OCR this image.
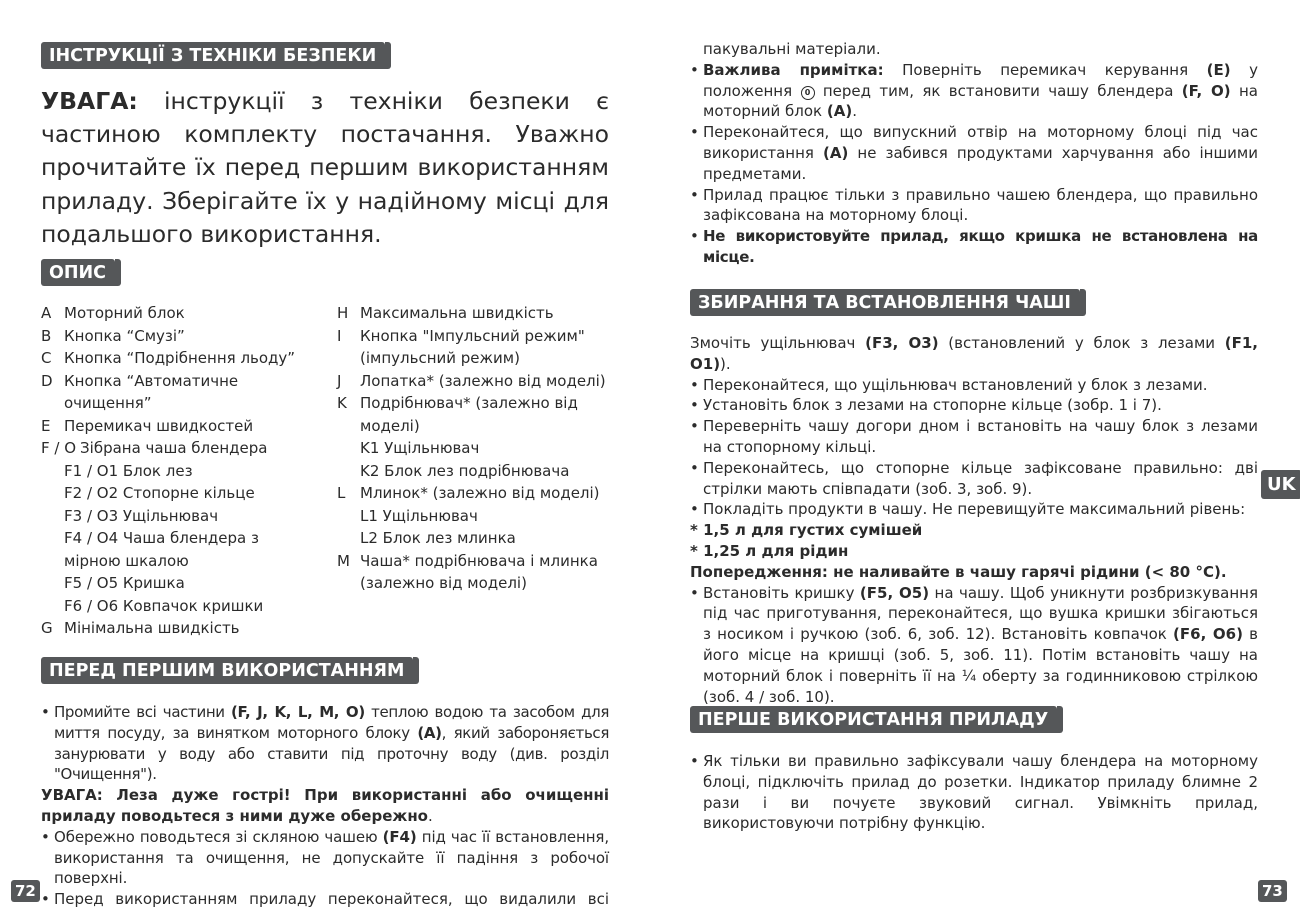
ІНСТРУКЦІЇ З ТЕХНІКИ БЕЗПЕКИ
УВАГА: інструкції з техніки безпеки є частиною комплекту постачання. Уважно прочитайте їх перед першим використанням приладу. Зберігайте їх у надійному місці для подальшого використання.
ОПИС
A Моторний блок
B Кнопка “Смузі”
C Кнопка “Подрібнення льоду”
D Кнопка “Автоматичне
очищення”
E Перемикач швидкостей
F / O Зібрана чаша блендера
F1 / O1 Блок лез
F2 / O2 Стопорне кільце
F3 / O3 Ущільнювач
F4 / O4 Чаша блендера з
мірною шкалою
F5 / O5 Кришка
F6 / O6 Ковпачок кришки
G Мінімальна швидкість
H Максимальна швидкість
I	Кнопка "Імпульсний режим"
(імпульсний режим)
J	Лопатка* (залежно від моделі)
K Подрібнювач* (залежно від
моделі)
K1 Ущільнювач
K2 Блок лез подрібнювача
L Млинок* (залежно від моделі)
L1 Ущільнювач
L2 Блок лез млинка
M Чаша* подрібнювача і млинка
(залежно від моделі)
ПЕРЕД ПЕРШИМ ВИКОРИСТАННЯМ
• Промийте всі частини (F, J, K, L, M, O) теплою водою та засобом для миття посуду, за винятком моторного блоку (A), який забороняється занурювати у воду або ставити під проточну воду (див. розділ "Очищення").
УВАГА: Леза дуже гострі! При використанні або очищенні приладу поводьтеся з ними дуже обережно.
• Обережно поводьтеся зі скляною чашею (F4) під час її встановлення, використання та очищення, не допускайте її падіння з робочої поверхні.
• Перед використанням приладу переконайтеся, що видалили всі
72
пакувальні матеріали.
• Важлива примітка: Поверніть перемикач керування (E) у положення 0 перед тим, як встановити чашу блендера (F, O) на моторний блок (A).
• Переконайтеся, що випускний отвір на моторному блоці під час використання (A) не забився продуктами харчування або іншими предметами.
• Прилад працює тільки з правильно чашею блендера, що правильно зафіксована на моторному блоці.
• Не використовуйте прилад, якщо кришка не встановлена на місце.
ЗБИРАННЯ ТА ВСТАНОВЛЕННЯ ЧАШІ
Змочіть ущільнювач (F3, O3) (встановлений у блок з лезами (F1, O1)).
• Переконайтеся, що ущільнювач встановлений у блок з лезами.
• Установіть блок з лезами на стопорне кільце (зобр. 1 і 7).
• Переверніть чашу догори дном і встановіть на чашу блок з лезами на стопорному кільці.
• Переконайтесь, що стопорне кільце зафіксоване правильно: дві стрілки мають співпадати (зоб. 3, зоб. 9).
• Покладіть продукти в чашу. Не перевищуйте максимальний рівень:
* 1,5 л для густих сумішей
* 1,25 л для рідин
Попередження: не наливайте в чашу гарячі рідини (< 80 °C).
• Встановіть кришку (F5, O5) на чашу. Щоб уникнути розбризкування під час приготування, переконайтеся, що вушка кришки збігаються з носиком і ручкою (зоб. 6, зоб. 12). Встановіть ковпачок (F6, O6) в його місце на кришці (зоб. 5, зоб. 11). Потім встановіть чашу на моторний блок і поверніть її на ¼ оберту за годинниковою стрілкою (зоб. 4 / зоб. 10).
ПЕРШЕ ВИКОРИСТАННЯ ПРИЛАДУ
• Як тільки ви правильно зафіксували чашу блендера на моторному блоці, підключіть прилад до розетки. Індикатор приладу блимне 2 рази і ви почуєте звуковий сигнал. Увімкніть прилад, використовуючи потрібну функцію.
73
UK
